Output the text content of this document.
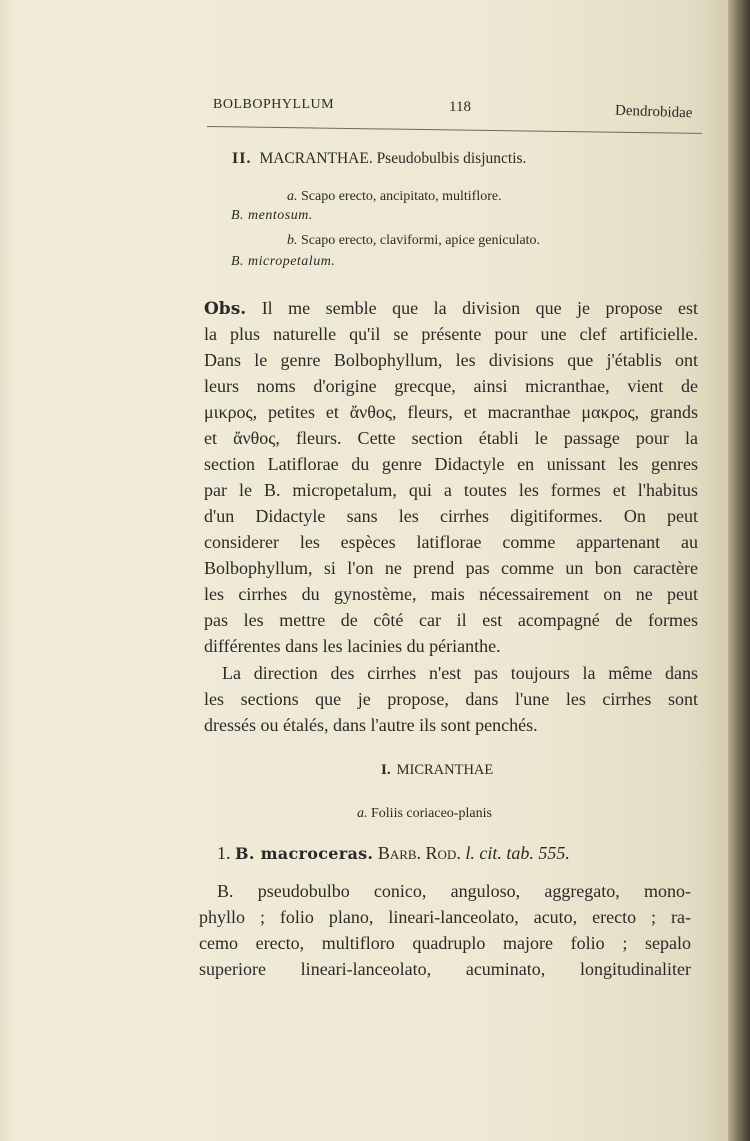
BOLBOPHYLLUM	118	Dendrobidae
II. MACRANTHAE. Pseudobulbis disjunctis.
a. Scapo erecto, ancipitato, multiflore.
B. mentosum.
b. Scapo erecto, claviformi, apice geniculato.
B. micropetalum.
Obs. Il me semble que la division que je propose est
la plus naturelle qu'il se présente pour une clef artificielle.
Dans le genre Bolbophyllum, les divisions que j'établis ont
leurs noms d'origine grecque, ainsi micranthae, vient de
μικρος, petites et ἄνθος, fleurs, et macranthae μακρος, grands
et ἄνθος, fleurs. Cette section établi le passage pour la
section Latiflorae du genre Didactyle en unissant les genres
par le B. micropetalum, qui a toutes les formes et l'habitus
d'un Didactyle sans les cirrhes digitiformes. On peut
considerer les espèces latiflorae comme appartenant au
Bolbophyllum, si l'on ne prend pas comme un bon caractère
les cirrhes du gynostème, mais nécessairement on ne peut
pas les mettre de côté car il est acompagné de formes
différentes dans les lacinies du périanthe.
La direction des cirrhes n'est pas toujours la même dans
les sections que je propose, dans l'une les cirrhes sont
dressés ou étalés, dans l'autre ils sont penchés.
I. MICRANTHAE
a. Foliis coriaceo-planis
1. B. macroceras. Barb. Rod. l. cit. tab. 555.
B. pseudobulbo conico, anguloso, aggregato, mono-
phyllo ; folio plano, lineari-lanceolato, acuto, erecto ; ra-
cemo erecto, multifloro quadruplo majore folio ; sepalo
superiore lineari-lanceolato, acuminato, longitudinaliter
